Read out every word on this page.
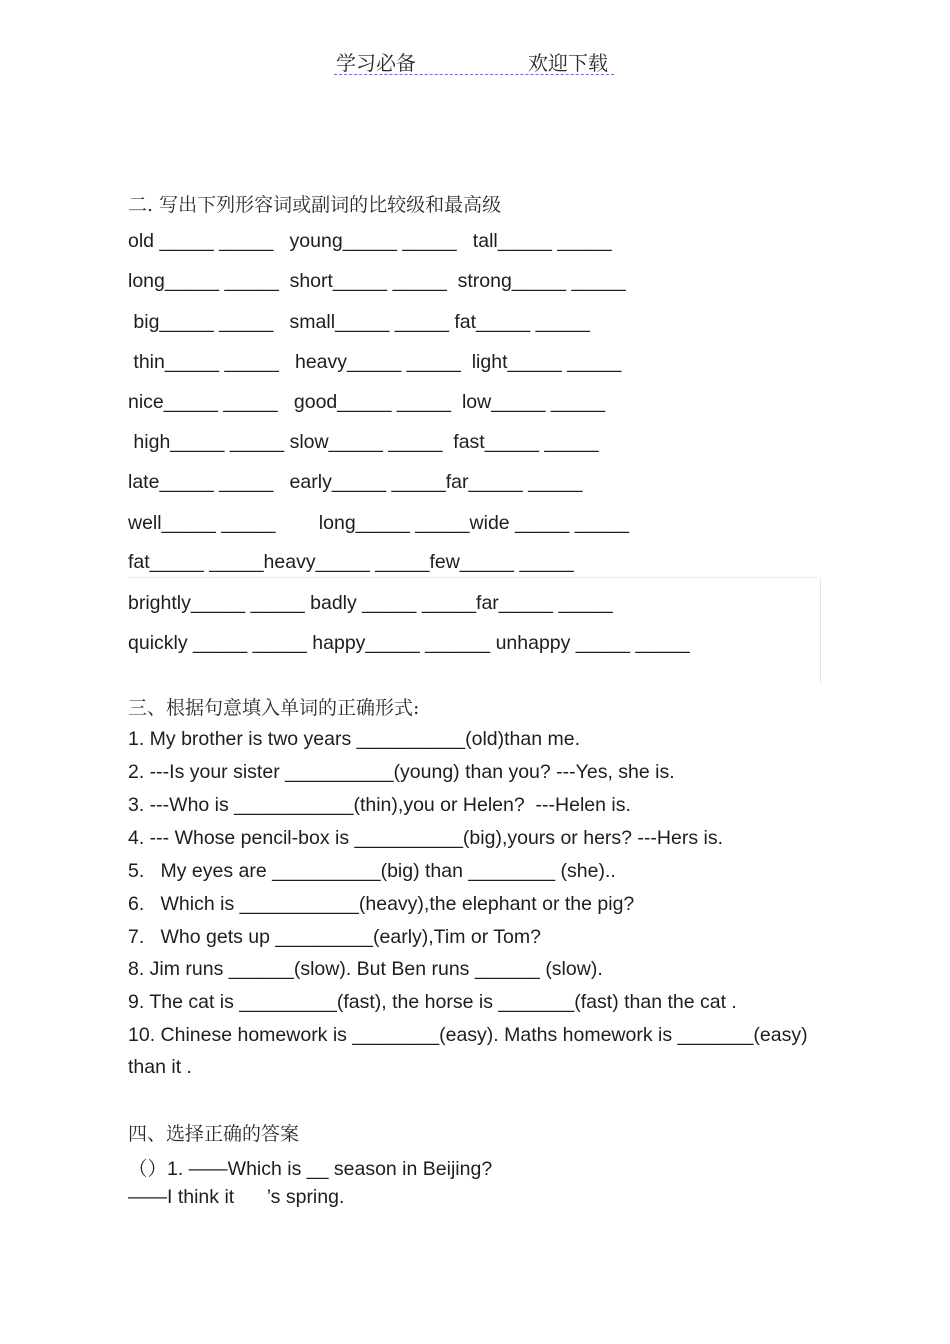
学习必备	欢迎下载
二. 写出下列形容词或副词的比较级和最高级
old _____ _____   young_____ _____   tall_____ _____
long_____ _____  short_____ _____  strong_____ _____
big_____ _____   small_____ _____ fat_____ _____
thin_____ _____   heavy_____ _____  light_____ _____
nice_____ _____   good_____ _____  low_____ _____
high_____ _____ slow_____ _____  fast_____ _____
late_____ _____   early_____ _____far_____ _____
well_____ _____        long_____ _____wide _____ _____
fat_____ _____heavy_____ _____few_____ _____
brightly_____ _____ badly _____ _____far_____ _____
quickly _____ _____ happy_____ ______ unhappy _____ _____
三、根据句意填入单词的正确形式:
1. My brother is two years __________(old)than me.
2. ---Is your sister __________(young) than you? ---Yes, she is.
3. ---Who is ___________(thin),you or Helen?  ---Helen is.
4. --- Whose pencil-box is __________(big),yours or hers? ---Hers is.
5.   My eyes are __________(big) than ________ (she)..
6.   Which is ___________(heavy),the elephant or the pig?
7.   Who gets up _________(early),Tim or Tom?
8. Jim runs ______(slow). But Ben runs ______ (slow).
9. The cat is _________(fast), the horse is _______(fast) than the cat .
10. Chinese homework is ________(easy). Maths homework is _______(easy)
than it .
四、选择正确的答案
（）1. ——Which is __ season in Beijing?
——I think it      ’s spring.
